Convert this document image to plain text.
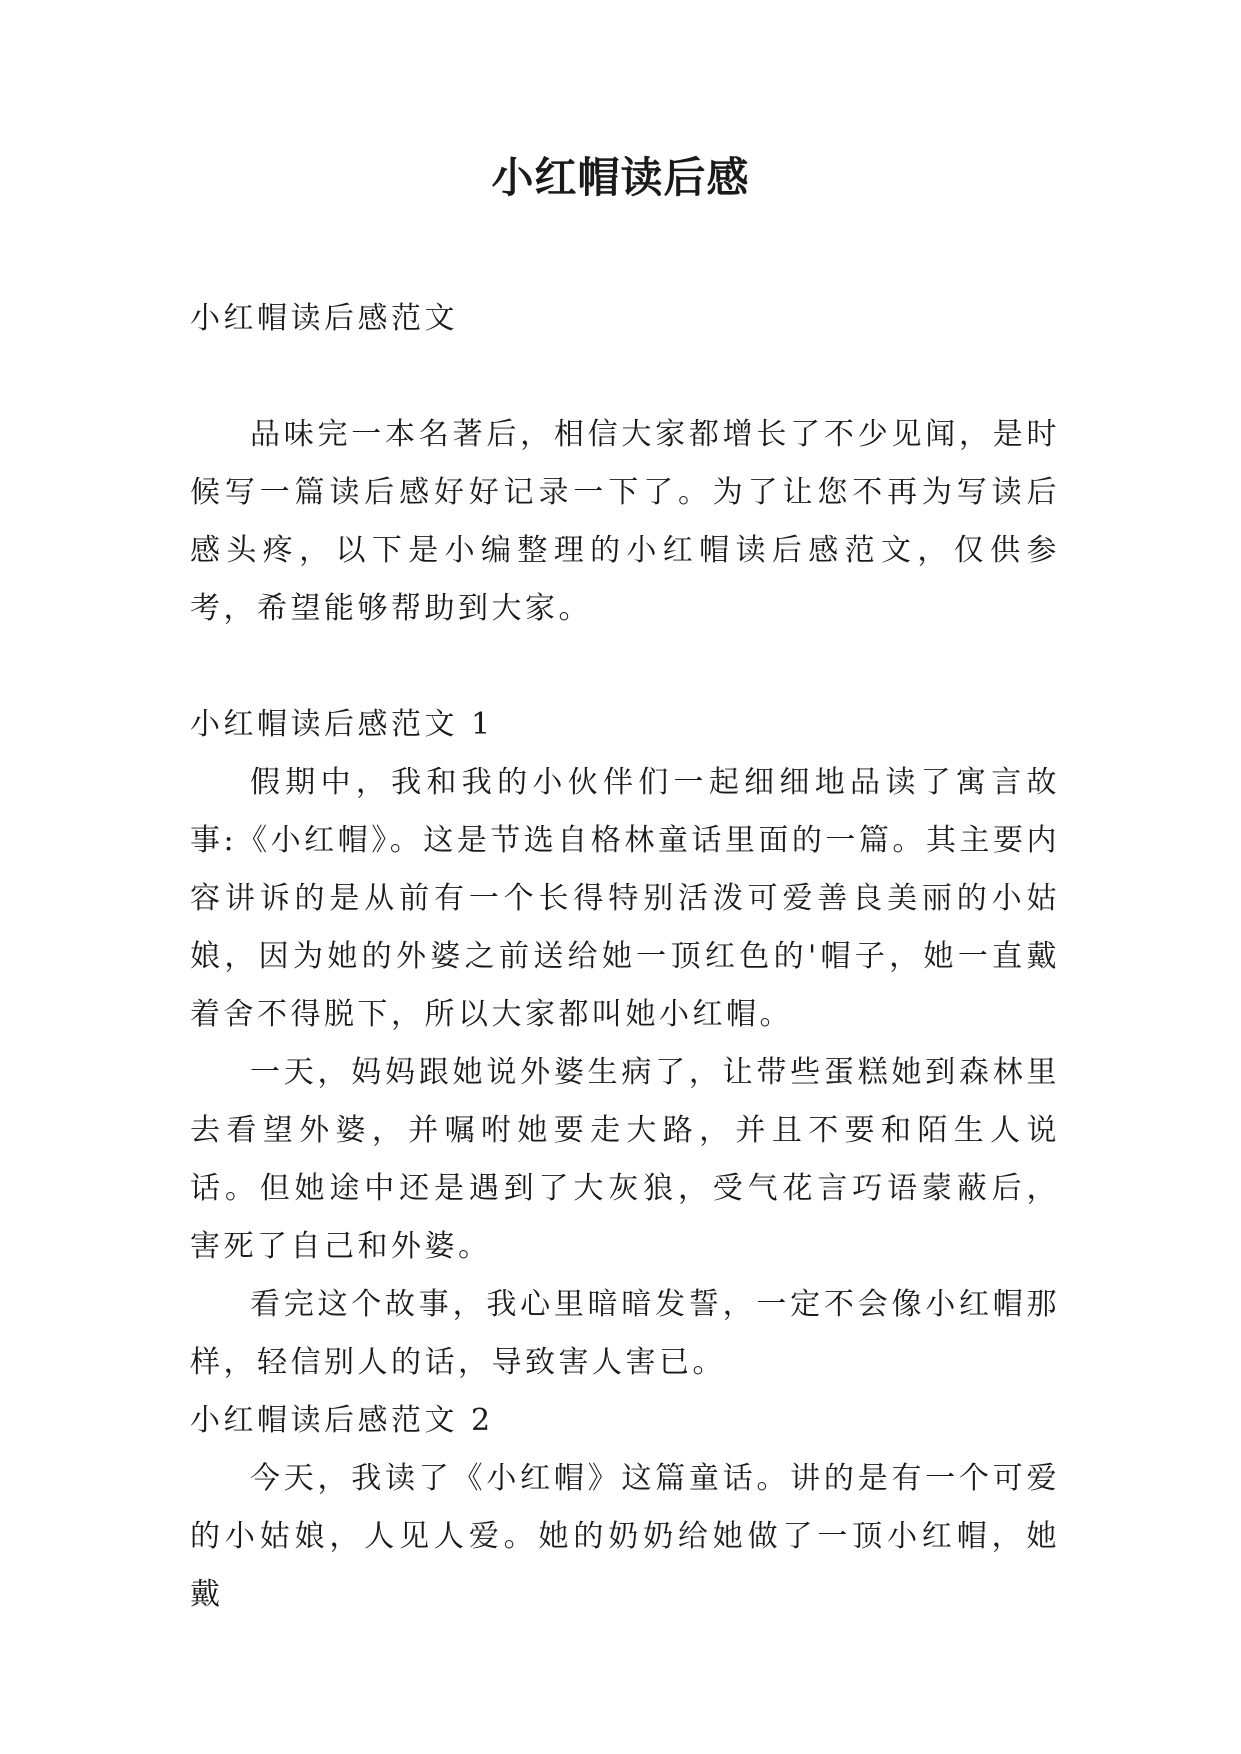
小红帽读后感

小红帽读后感范文

品味完一本名著后，相信大家都增长了不少见闻，是时候写一篇读后感好好记录一下了。为了让您不再为写读后感头疼，以下是小编整理的小红帽读后感范文，仅供参考，希望能够帮助到大家。

小红帽读后感范文 1

假期中，我和我的小伙伴们一起细细地品读了寓言故事:《小红帽》。这是节选自格林童话里面的一篇。其主要内容讲诉的是从前有一个长得特别活泼可爱善良美丽的小姑娘，因为她的外婆之前送给她一顶红色的'帽子，她一直戴着舍不得脱下，所以大家都叫她小红帽。

一天，妈妈跟她说外婆生病了，让带些蛋糕她到森林里去看望外婆，并嘱咐她要走大路，并且不要和陌生人说话。但她途中还是遇到了大灰狼，受气花言巧语蒙蔽后，害死了自己和外婆。

看完这个故事，我心里暗暗发誓，一定不会像小红帽那样，轻信别人的话，导致害人害已。

小红帽读后感范文 2

今天，我读了《小红帽》这篇童话。讲的是有一个可爱的小姑娘，人见人爱。她的奶奶给她做了一顶小红帽，她戴
